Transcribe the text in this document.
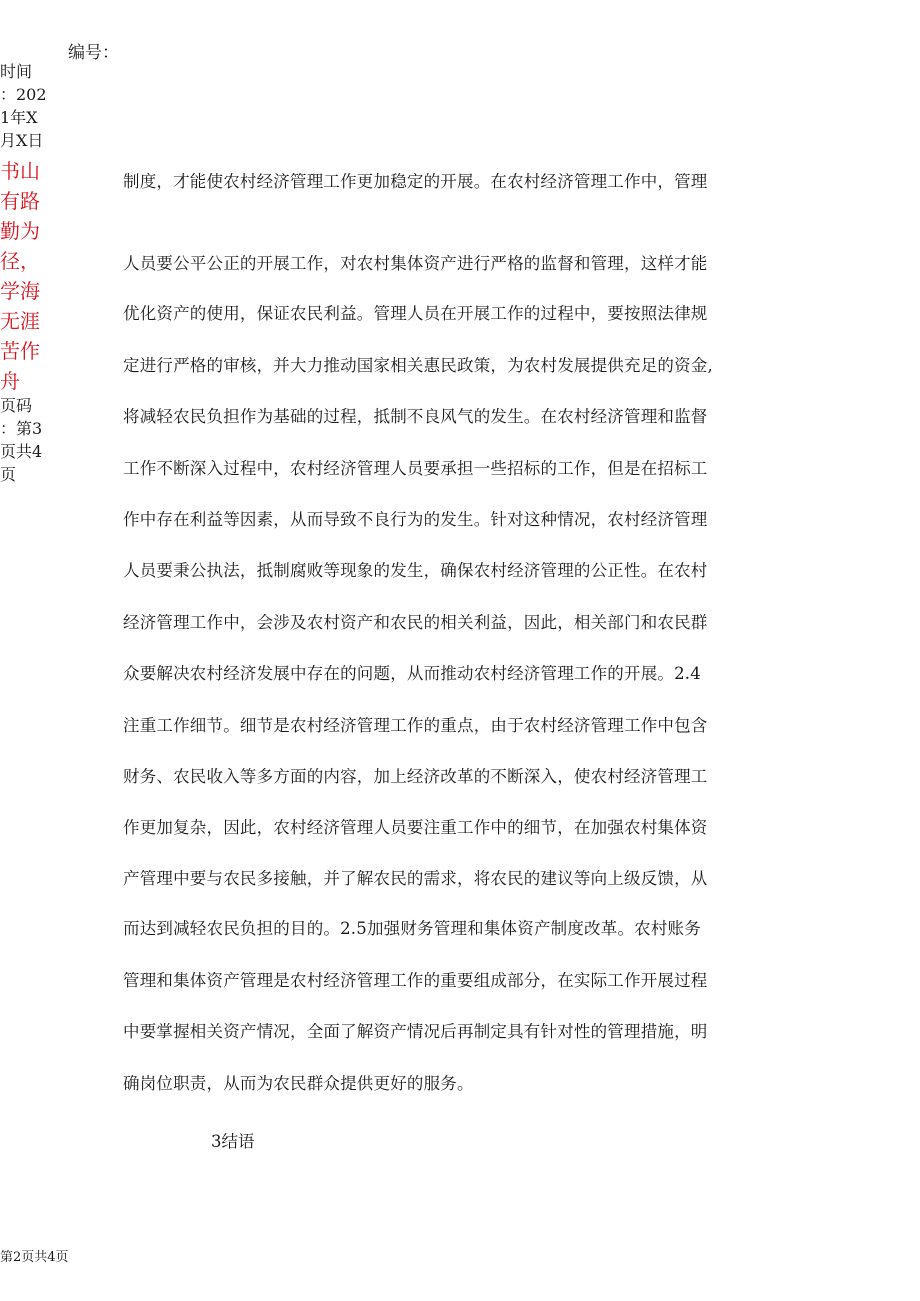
编号：
时间
：202
1年X
月X日
书山
有路
勤为
径，
学海
无涯
苦作
舟
页码
：第3
页共4
页
制度，才能使农村经济管理工作更加稳定的开展。在农村经济管理工作中，管理
人员要公平公正的开展工作，对农村集体资产进行严格的监督和管理，这样才能
优化资产的使用，保证农民利益。管理人员在开展工作的过程中，要按照法律规
定进行严格的审核，并大力推动国家相关惠民政策，为农村发展提供充足的资金,
将减轻农民负担作为基础的过程，抵制不良风气的发生。在农村经济管理和监督
工作不断深入过程中，农村经济管理人员要承担一些招标的工作，但是在招标工
作中存在利益等因素，从而导致不良行为的发生。针对这种情况，农村经济管理
人员要秉公执法，抵制腐败等现象的发生，确保农村经济管理的公正性。在农村
经济管理工作中，会涉及农村资产和农民的相关利益，因此，相关部门和农民群
众要解决农村经济发展中存在的问题，从而推动农村经济管理工作的开展。2.4
注重工作细节。细节是农村经济管理工作的重点，由于农村经济管理工作中包含
财务、农民收入等多方面的内容，加上经济改革的不断深入，使农村经济管理工
作更加复杂，因此，农村经济管理人员要注重工作中的细节，在加强农村集体资
产管理中要与农民多接触，并了解农民的需求，将农民的建议等向上级反馈，从
而达到减轻农民负担的目的。2.5加强财务管理和集体资产制度改革。农村账务
管理和集体资产管理是农村经济管理工作的重要组成部分，在实际工作开展过程
中要掌握相关资产情况，全面了解资产情况后再制定具有针对性的管理措施，明
确岗位职责，从而为农民群众提供更好的服务。
3结语
第2页共4页
